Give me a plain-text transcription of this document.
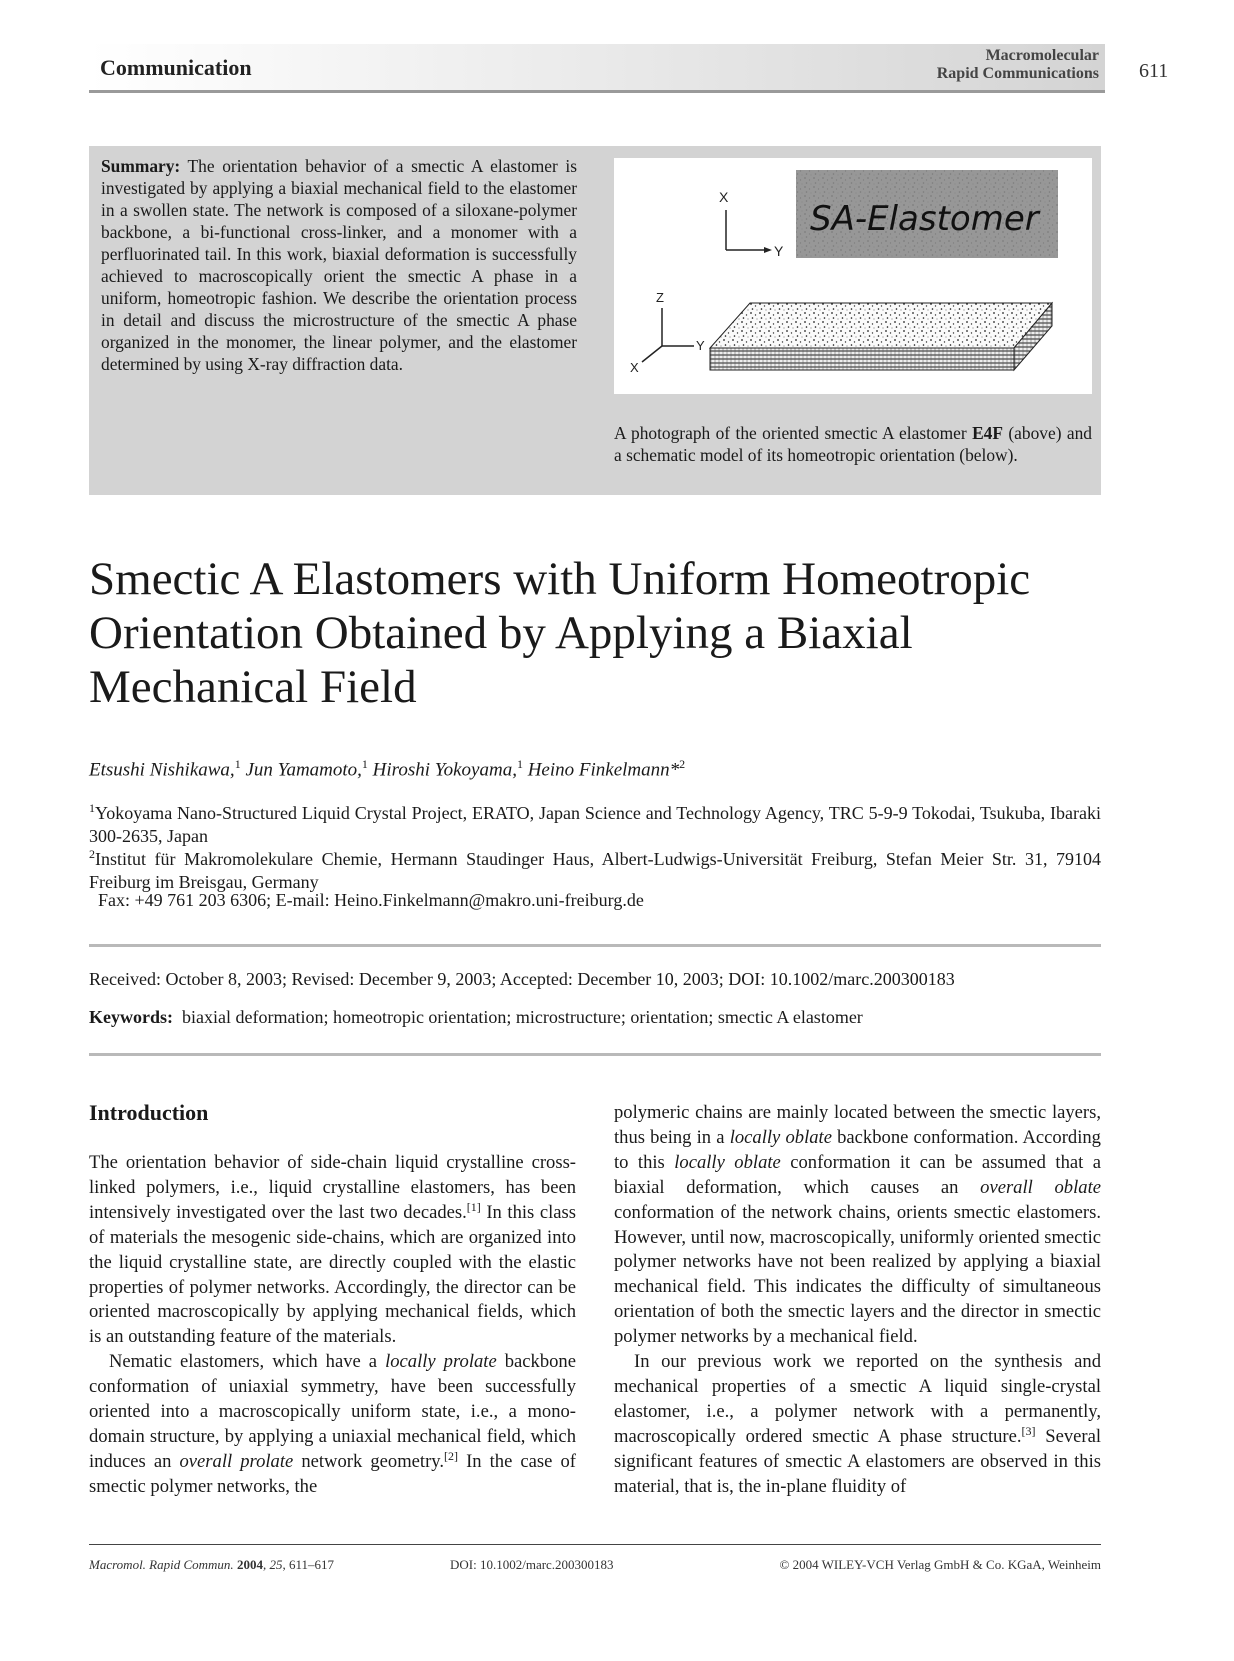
Communication	Macromolecular
Rapid Communications 611
Summary: The orientation behavior of a smectic A elastomer is investigated by applying a biaxial mechanical field to the elastomer in a swollen state. The network is composed of a siloxane-polymer backbone, a bi-functional cross-linker, and a monomer with a perfluorinated tail. In this work, biaxial deformation is successfully achieved to macroscopically orient the smectic A phase in a uniform, homeotropic fashion. We describe the orientation process in detail and discuss the microstructure of the smectic A phase organized in the monomer, the linear polymer, and the elastomer determined by using X-ray diffraction data.
X
Y
SA-Elastomer
Z
Y
X
A photograph of the oriented smectic A elastomer E4F (above) and a schematic model of its homeotropic orientation (below).
Smectic A Elastomers with Uniform Homeotropic Orientation Obtained by Applying a Biaxial Mechanical Field
Etsushi Nishikawa,$^1$ Jun Yamamoto,$^1$ Hiroshi Yokoyama,$^1$ Heino Finkelmann*$^2$
$^1$Yokoyama Nano-Structured Liquid Crystal Project, ERATO, Japan Science and Technology Agency, TRC 5-9-9 Tokodai, Tsukuba, Ibaraki 300-2635, Japan
$^2$Institut für Makromolekulare Chemie, Hermann Staudinger Haus, Albert-Ludwigs-Universität Freiburg, Stefan Meier Str. 31, 79104 Freiburg im Breisgau, Germany
Fax: +49 761 203 6306; E-mail: Heino.Finkelmann@makro.uni-freiburg.de
Received: October 8, 2003; Revised: December 9, 2003; Accepted: December 10, 2003; DOI: 10.1002/marc.200300183
Keywords: biaxial deformation; homeotropic orientation; microstructure; orientation; smectic A elastomer
Introduction

The orientation behavior of side-chain liquid crystalline cross-linked polymers, i.e., liquid crystalline elastomers, has been intensively investigated over the last two decades.[1] In this class of materials the mesogenic side-chains, which are organized into the liquid crystalline state, are directly coupled with the elastic properties of polymer networks. Accordingly, the director can be oriented macroscopically by applying mechanical fields, which is an outstanding feature of the materials.

Nematic elastomers, which have a locally prolate backbone conformation of uniaxial symmetry, have been successfully oriented into a macroscopically uniform state, i.e., a mono-domain structure, by applying a uniaxial mechanical field, which induces an overall prolate network geometry.[2] In the case of smectic polymer networks, the

polymeric chains are mainly located between the smectic layers, thus being in a locally oblate backbone conformation. According to this locally oblate conformation it can be assumed that a biaxial deformation, which causes an overall oblate conformation of the network chains, orients smectic elastomers. However, until now, macroscopically, uniformly oriented smectic polymer networks have not been realized by applying a biaxial mechanical field. This indicates the difficulty of simultaneous orientation of both the smectic layers and the director in smectic polymer networks by a mechanical field.

In our previous work we reported on the synthesis and mechanical properties of a smectic A liquid single-crystal elastomer, i.e., a polymer network with a permanently, macroscopically ordered smectic A phase structure.[3] Several significant features of smectic A elastomers are observed in this material, that is, the in-plane fluidity of

Macromol. Rapid Commun. 2004, 25, 611–617	DOI: 10.1002/marc.200300183	© 2004 WILEY-VCH Verlag GmbH & Co. KGaA, Weinheim
